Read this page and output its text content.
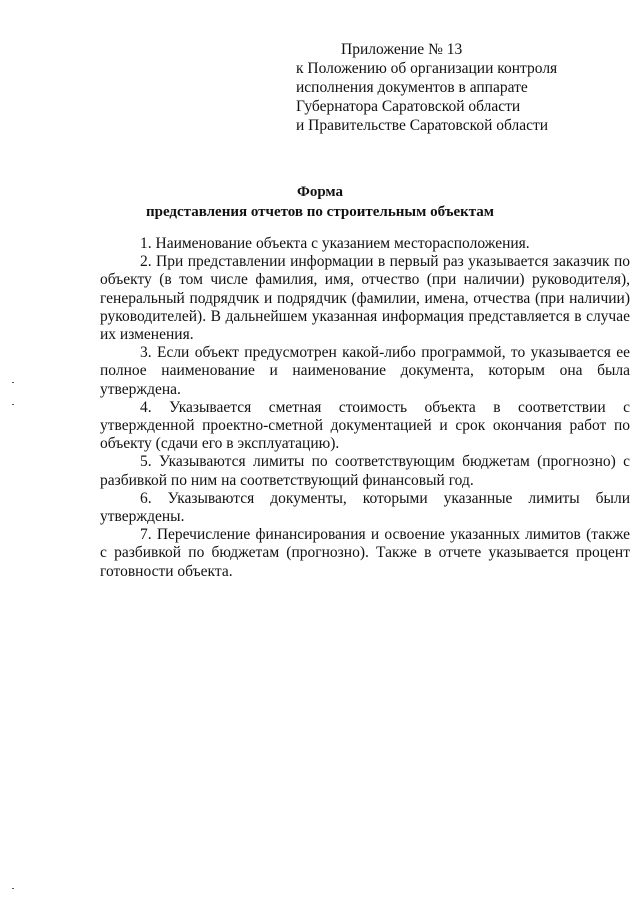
Приложение № 13
к Положению об организации контроля
исполнения документов в аппарате
Губернатора Саратовской области
и Правительстве Саратовской области
Форма
представления отчетов по строительным объектам

1. Наименование объекта с указанием месторасположения.

2. При представлении информации в первый раз указывается заказчик по объекту (в том числе фамилия, имя, отчество (при наличии) руководителя), генеральный подрядчик и подрядчик (фамилии, имена, отчества (при наличии) руководителей). В дальнейшем указанная информация представляется в случае их изменения.

3. Если объект предусмотрен какой-либо программой, то указывается ее полное наименование и наименование документа, которым она была утверждена.

4. Указывается сметная стоимость объекта в соответствии с утвержденной проектно-сметной документацией и срок окончания работ по объекту (сдачи его в эксплуатацию).

5. Указываются лимиты по соответствующим бюджетам (прогнозно) с разбивкой по ним на соответствующий финансовый год.

6. Указываются документы, которыми указанные лимиты были утверждены.

7. Перечисление финансирования и освоение указанных лимитов (также с разбивкой по бюджетам (прогнозно). Также в отчете указывается процент готовности объекта.
